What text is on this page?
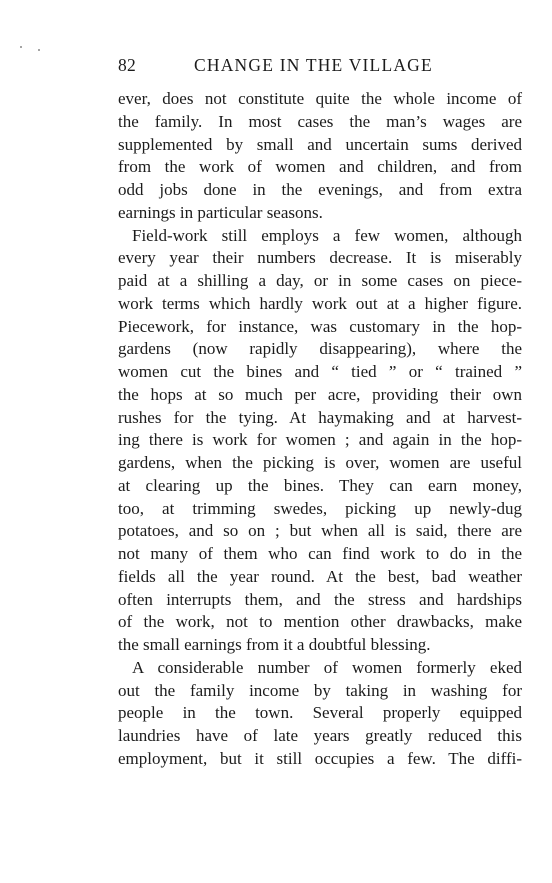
82	CHANGE IN THE VILLAGE
ever, does not constitute quite the whole income of
the family. In most cases the man’s wages are
supplemented by small and uncertain sums derived
from the work of women and children, and from
odd jobs done in the evenings, and from extra
earnings in particular seasons.
Field-work still employs a few women, although
every year their numbers decrease. It is miserably
paid at a shilling a day, or in some cases on piece-
work terms which hardly work out at a higher figure.
Piecework, for instance, was customary in the hop-
gardens (now rapidly disappearing), where the
women cut the bines and “ tied ” or “ trained ”
the hops at so much per acre, providing their own
rushes for the tying. At haymaking and at harvest-
ing there is work for women ; and again in the hop-
gardens, when the picking is over, women are useful
at clearing up the bines. They can earn money,
too, at trimming swedes, picking up newly-dug
potatoes, and so on ; but when all is said, there are
not many of them who can find work to do in the
fields all the year round. At the best, bad weather
often interrupts them, and the stress and hardships
of the work, not to mention other drawbacks, make
the small earnings from it a doubtful blessing.
A considerable number of women formerly eked
out the family income by taking in washing for
people in the town. Several properly equipped
laundries have of late years greatly reduced this
employment, but it still occupies a few. The diffi-
